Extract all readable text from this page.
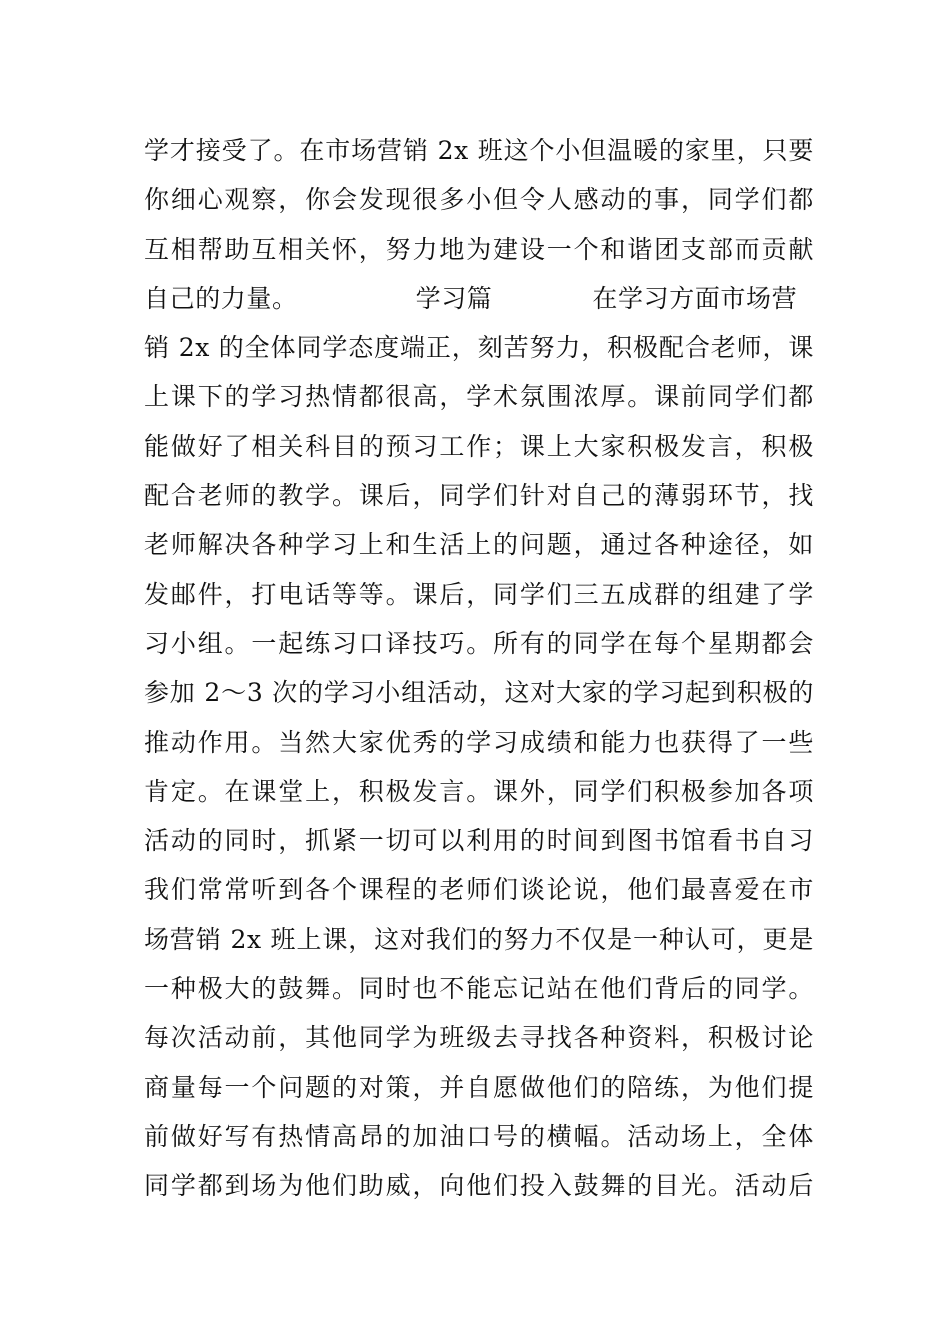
学才接受了。在市场营销 2x 班这个小但温暖的家里，只要
你细心观察，你会发现很多小但令人感动的事，同学们都
互相帮助互相关怀，努力地为建设一个和谐团支部而贡献
自己的力量。	学习篇	在学习方面市场营
销 2x 的全体同学态度端正，刻苦努力，积极配合老师，课
上课下的学习热情都很高，学术氛围浓厚。课前同学们都
能做好了相关科目的预习工作；课上大家积极发言，积极
配合老师的教学。课后，同学们针对自己的薄弱环节，找
老师解决各种学习上和生活上的问题，通过各种途径，如
发邮件，打电话等等。课后，同学们三五成群的组建了学
习小组。一起练习口译技巧。所有的同学在每个星期都会
参加 2～3 次的学习小组活动，这对大家的学习起到积极的
推动作用。当然大家优秀的学习成绩和能力也获得了一些
肯定。在课堂上，积极发言。课外，同学们积极参加各项
活动的同时，抓紧一切可以利用的时间到图书馆看书自习
我们常常听到各个课程的老师们谈论说，他们最喜爱在市
场营销 2x 班上课，这对我们的努力不仅是一种认可，更是
一种极大的鼓舞。同时也不能忘记站在他们背后的同学。
每次活动前，其他同学为班级去寻找各种资料，积极讨论
商量每一个问题的对策，并自愿做他们的陪练，为他们提
前做好写有热情高昂的加油口号的横幅。活动场上，全体
同学都到场为他们助威，向他们投入鼓舞的目光。活动后
